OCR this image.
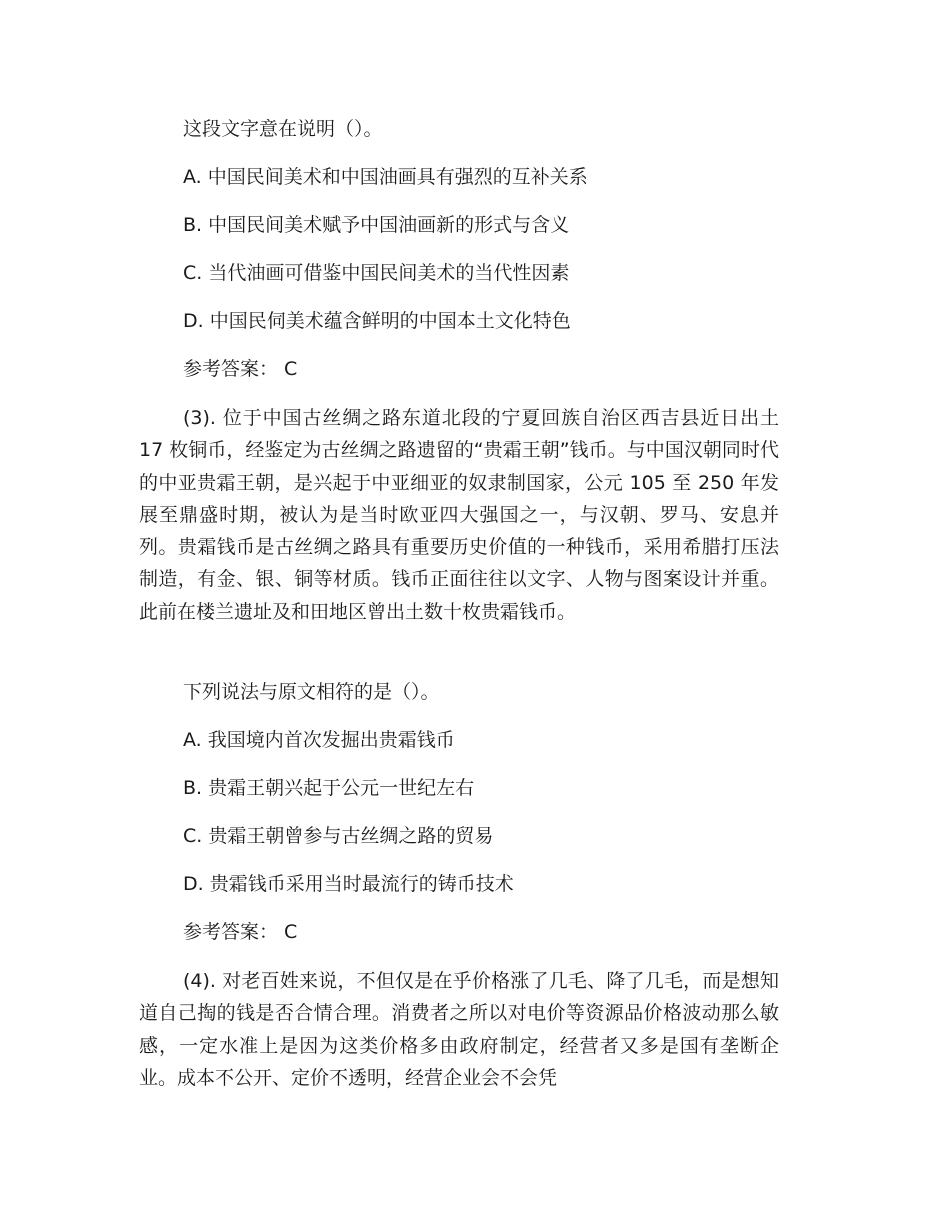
这段文字意在说明（）。
A. 中国民间美术和中国油画具有强烈的互补关系
B. 中国民间美术赋予中国油画新的形式与含义
C. 当代油画可借鉴中国民间美术的当代性因素
D. 中国民伺美术蕴含鲜明的中国本土文化特色
参考答案： C
(3). 位于中国古丝绸之路东道北段的宁夏回族自治区西吉县近日出土 17 枚铜币，经鉴定为古丝绸之路遗留的“贵霜王朝”钱币。与中国汉朝同时代的中亚贵霜王朝，是兴起于中亚细亚的奴隶制国家，公元 105 至 250 年发展至鼎盛时期，被认为是当时欧亚四大强国之一，与汉朝、罗马、安息并列。贵霜钱币是古丝绸之路具有重要历史价值的一种钱币，采用希腊打压法制造，有金、银、铜等材质。钱币正面往往以文字、人物与图案设计并重。此前在楼兰遗址及和田地区曾出土数十枚贵霜钱币。
下列说法与原文相符的是（）。
A. 我国境内首次发掘出贵霜钱币
B. 贵霜王朝兴起于公元一世纪左右
C. 贵霜王朝曾参与古丝绸之路的贸易
D. 贵霜钱币采用当时最流行的铸币技术
参考答案： C
(4). 对老百姓来说，不但仅是在乎价格涨了几毛、降了几毛，而是想知道自己掏的钱是否合情合理。消费者之所以对电价等资源品价格波动那么敏感，一定水准上是因为这类价格多由政府制定，经营者又多是国有垄断企业。成本不公开、定价不透明，经营企业会不会凭
